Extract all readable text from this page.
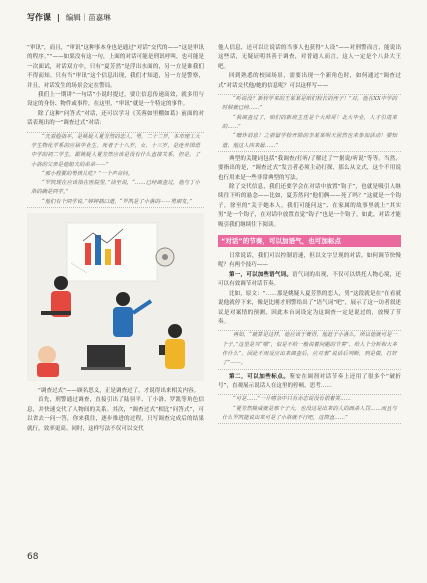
写作课 | 编辑｜苗嘉琳

“审讯”，而且，“审讯”这种事本身也是通过“对话”交代的——“这是审讯的程序。”“——如果没有这一句，上面的对话可能是刑讯呼叫，也可能是一次面试，对话双方中，只有“夏芳然”是浮出水面的，另一方是谁我们不得而知。只有当“审讯”这个信息出现，我们才知道，另一方是警察，并且，对话发生的场景会定在警局。

我们上一期讲“一句话”小说时提过，要让信息传递高效，就多用与设定的身份、物件或事件，在这里，“审讯”就是一个特定的事件。

除了这种“问答式”对话，还可以学习《芙蓉如里棚如葛》前面的对话表现出的一“调查过式”对话：

“先看脸指平，是姚疑人夏芳然的恋人，男，二十二岁，本市理工大学生物化学系的应届毕业生，死者于十八岁，女，十三岁，是连外国语中学的初二学生，跟姚疑人夏芳然应该是没有什么直接关系，但是，了小洛的父亲是他姐夫的弟弟——”

“那小程要的男孩儿吃？”一个声音问。

“罗凯现在应该指在医院里，”徐至说，“……已经调查过，他与丁小洛的确是同学。”

“他们有个同学说，”婷婷插口道，“罗凯是了小落的——男朋友。”

“调查过式”——顾名思义，正是调查过了，才说得出来相关内容。

首先，刑警通过调查，直接引出了陆羽平、丁小洛、罗凯等角色信息，并快速交代了人物间的关系。其次，“调查过式”相比“问答式”，可以省去一问一答，你来我往，逐步推进的过程，只写调查完成后的结果就行，效率更高。同时，这样写法不仅可以交代

他人信息，还可以让说话的当事人也获得“人设”——对刑警而言，能说出这些话，无疑证明其善于调查，对普通人而言，这人一定是个八卦大王吧。

回到熟悉的校园场景，需要出现一个新角色时，如何通过“调查过式”对话交代他/她的信息呢？可以这样写——

“听说没？新转学来的王某某是咱们校长的侄子！”对，他在XX中学的时候就已经……”

“我调查过了，咱们的新班主任是个大帅哥！北大毕业，人才引进来的……”

“赠炸消息！之前留学校开除的李某某明天居然也来参加活动！要知道，他这人向来最……”

典型的关键词包括“我调查/打听/了解过了”“据说/听说”等等。当然，要指出的是，“调查过式”发言者必须主动打探，那么从文式，这个不用说也行用来是一些非常典型的写法。

除了交代信息，我们还要学会在对话中放置“钩子”，也就是吸引人继续往下听的悬念——比如，夏芳然问“他们俩——死了吗？”这就是一个钩子，徐至的“关于她本人，我们可能问这”、在家属的故事里就上“其实男”是一个钩子，在对话中放置直觉“钩子”也是一个钩子，如此，对话才能吸引我们继续往下阅读。

“对话”的节奏，可以加语气，也可加标点

日常说话，我们可以控制语速，但以文字呈现的对话，如何调节快慢呢？有两个技巧——

第一，可以加些语气词。语气词的出现，不仅可以烘托人物心境，还可以有效调节对话节奏。

比如，原文：“……那是姚疑人夏芳然的恋人，男”这段就是在“在看就说他就停下来，像是比刚才刑警给出了”语气词“吧”，展示了这一访者叙述议是对案情的预测，因此本台词设定为这调查一定是说过的，放慢了节奏。

再如，“就算是这样，他应该于赛得，他赶于小落么，所以他就可是一个子。”这里是当“嗯”，似是不给一般说着问题的节奏”，给人个分析和大多作什么”，因此不用反应出来调查后，应对表“说话后判断，到是做，打好了”——。

第二，可以加些标点。鉴安在调剂对话节奏上还用了很多个“破折号”，直观展示说话人在这里的停顿，思考……

“可是……”一片嗜杂中只有赤志说没有很着笑……

“夏芳然桃威就是那个子大，也没这是出来的人的面杀人罚……而且与什么罗凯能说出来可是了小洛就不行吧，这简直……”

68
